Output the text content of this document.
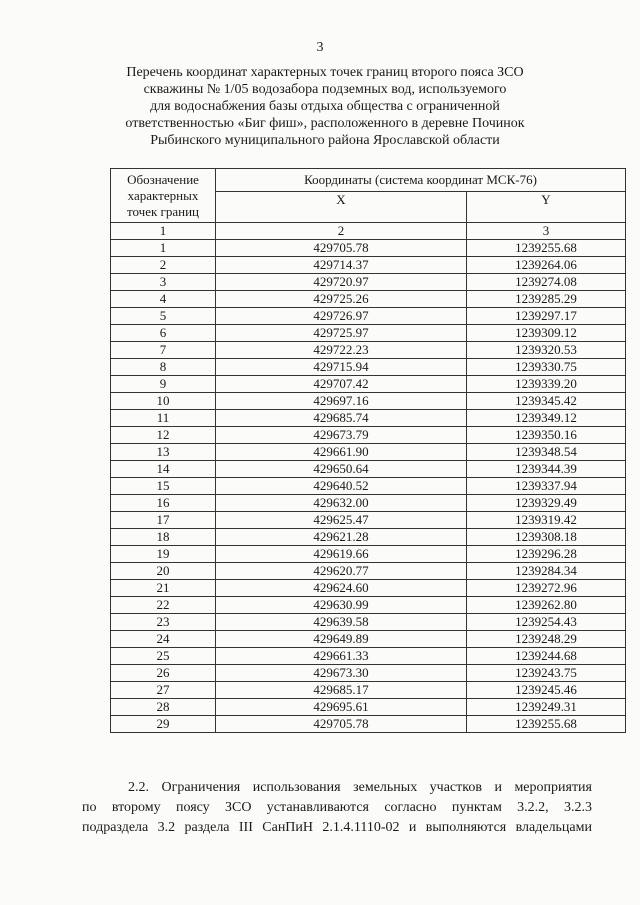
3
Перечень координат характерных точек границ второго пояса ЗСО
скважины № 1/05 водозабора подземных вод, используемого
для водоснабжения базы отдыха общества с ограниченной
ответственностью «Биг фиш», расположенного в деревне Починок
Рыбинского муниципального района Ярославской области
Обозначение
характерных
точек границ	Координаты (система координат МСК-76)	
	X	Y
1	2	3
1	429705.78	1239255.68
2	429714.37	1239264.06
3	429720.97	1239274.08
4	429725.26	1239285.29
5	429726.97	1239297.17
6	429725.97	1239309.12
7	429722.23	1239320.53
8	429715.94	1239330.75
9	429707.42	1239339.20
10	429697.16	1239345.42
11	429685.74	1239349.12
12	429673.79	1239350.16
13	429661.90	1239348.54
14	429650.64	1239344.39
15	429640.52	1239337.94
16	429632.00	1239329.49
17	429625.47	1239319.42
18	429621.28	1239308.18
19	429619.66	1239296.28
20	429620.77	1239284.34
21	429624.60	1239272.96
22	429630.99	1239262.80
23	429639.58	1239254.43
24	429649.89	1239248.29
25	429661.33	1239244.68
26	429673.30	1239243.75
27	429685.17	1239245.46
28	429695.61	1239249.31
29	429705.78	1239255.68
2.2. Ограничения использования земельных участков и мероприятия
по второму поясу ЗСО устанавливаются согласно пунктам 3.2.2, 3.2.3
подраздела 3.2 раздела III СанПиН 2.1.4.1110-02 и выполняются владельцами
